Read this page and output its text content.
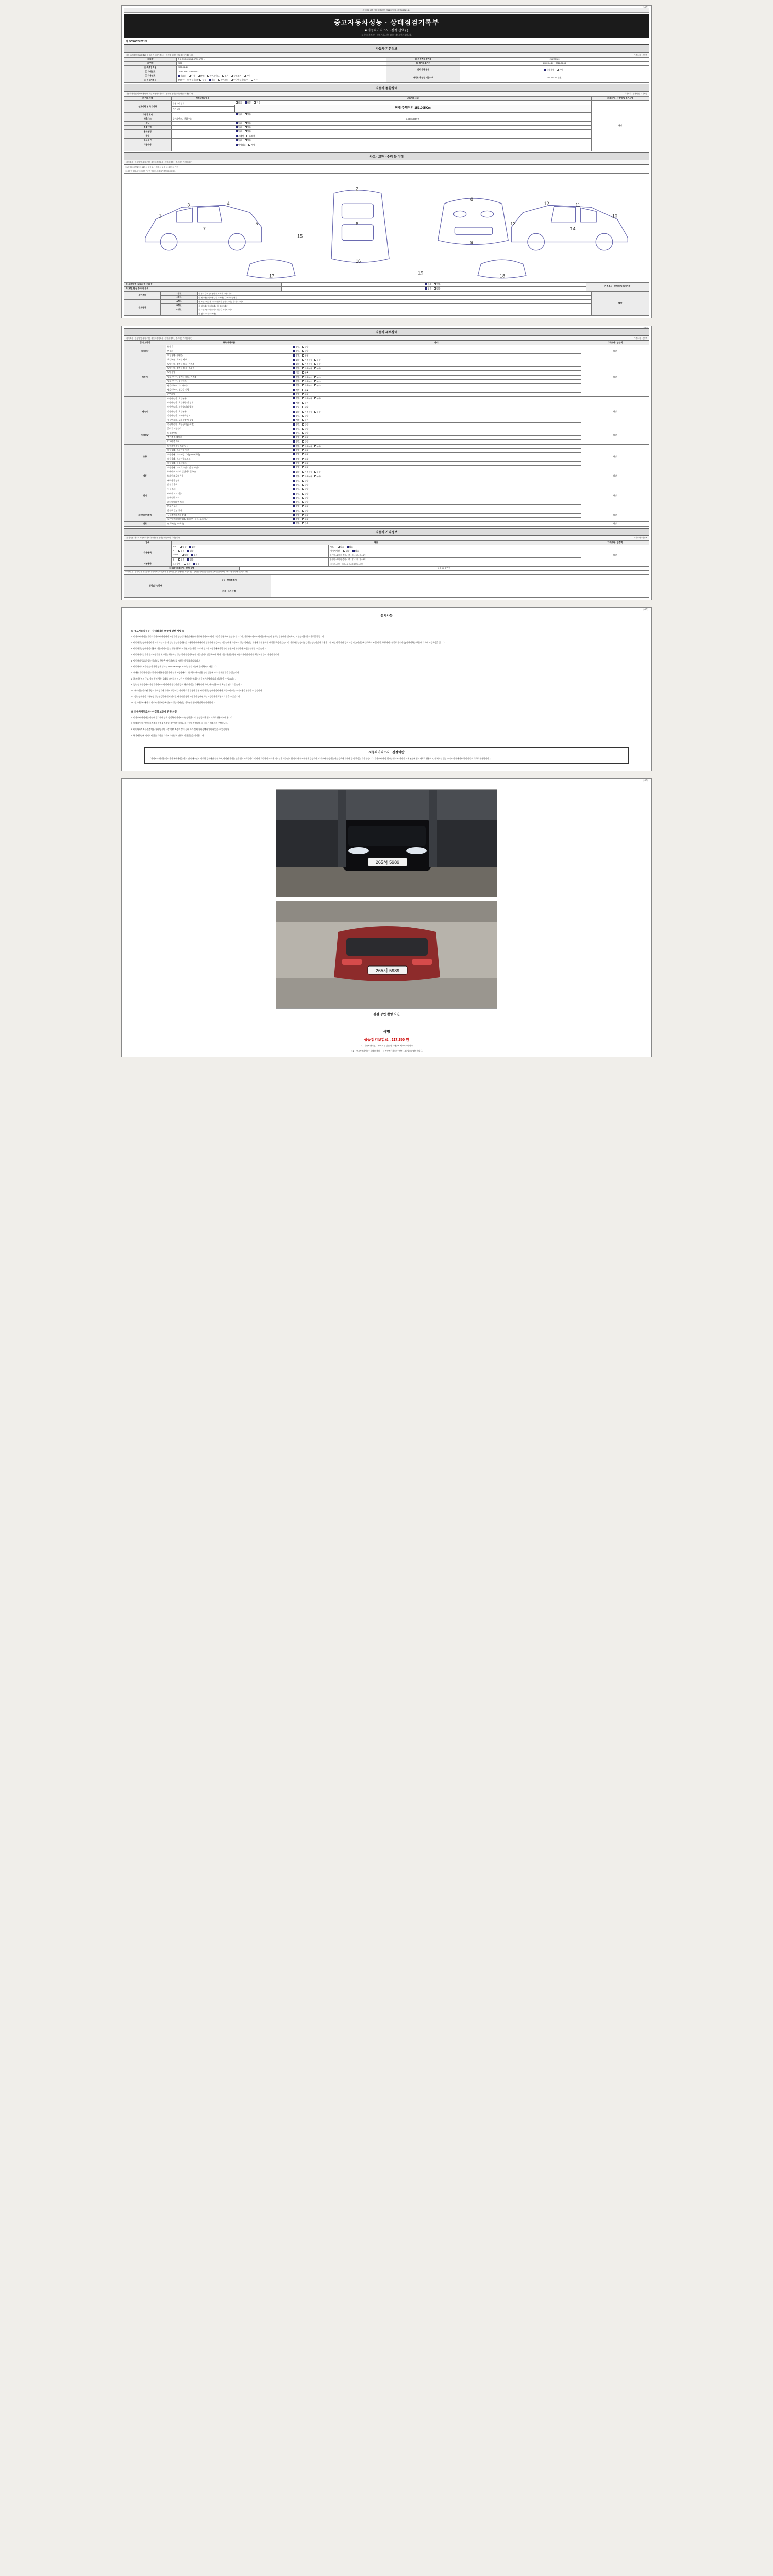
(1/4쪽)
자동차관리법 시행규칙 [별지 제82호서식] <개정 2021.1.5.>
중고자동차성능 · 상태점검기록부
■ 자동차가격조사 · 산정 선택 ( )
※ 자동차가격조사 · 산정은 매수인이 원하는 경우에만 기재합니다.
제 9030024211호
자동차 기본정보
(자동차관리법 제58조제1항에 따른 자동차가격조사 · 산정을 원하는 경우에만 기재합니다)	가격조사 · 산정액
① 차명	볼보 S90XC AWD (세부모델: )	⑩ 자동차등록번호	265머5989
② 연식	2022	⑪ 검사유효기간	2022-04-14 ~ 2026-04-13
③ 최초등록일	2022-04-14	신차가격 종류	신차가격 기타
④ 차대번호	LYVPT90COAP175402		
⑤ 사용연료	가솔린 디젤 LPG 하이브리드 전기 수소전기 기타	가격조사·산정 기준가액	0 0 0 0 0 0 만원
⑥ 원동기형식	B4204T ⑥ 변속기종류 수동 자동 세미오토 무단변속기(CVT) 기타		
자동차 종합상태
(자동차관리법 제58조제1항에 따른 자동차가격조사 · 산정을 원하는 경우에만 기재합니다)	가격조사 · 산정액 및 특기사항
⑦ 사용이력	항목 / 해당부품	상태(세부내용)	가격조사 · 산정액 및 특기사항
연료이력 및 특기사항	주행거리 상태	많음 보통 적음
현재 주행거리 153,005Km	해당
	계기상태		
자동차 표시		없음 있음	
배출가스	일산화탄소 / 탄화수소	0.03% 3ppm %	
튜닝		없음 있음	
특별이력		없음 있음	
용도변경		없음 있음	
색상		무채색 유채색	
주요옵션		없음 있음	
리콜대상		해당없음 해당	

사고 · 교환 · 수리 등 이력
(가격조사 · 산정액 및 특기사항은 자동차가격조사 · 산정을 원하는 경우에만 기재합니다)

※ (상태표시 부호) ㉠ 교환, ㉡ 판금 또는 용접, ㉢ 부식, ㉣ 흠집, ㉤ 가공
※ 차량 상태표시 등에 대한 기준은 아래 그림에 표기하여 표시합니다.
1
3	4
5
7
2
6
16
8
9
10
11
12
13
14
17	18
19
15
※ 사고이력 (교차/단순 수리 등)	없음 있음	가격조사 · 산정액 및 특기사항
※ 교환, 판금 등 이상 부위	없음 있음	
외판부위	1랭크	① 후드 ② 프론트펜더 ③ 도어 ④ 트렁크리드	해당
	2랭크	⑤ 쿼터패널(리어펜더) ⑥ 루프패널 ⑦ 사이드실패널	
주요골격	A랭크	⑧ 프론트패널 ⑨ 크로스멤버 ⑩ 인사이드패널 ⑪ 사이드멤버	
	B랭크	⑫ 필러패널 ⑬ 대쉬패널 ⑭ 플로어패널	
	C랭크	⑮ 트렁크플로어 ⑯ 리어패널 ⑰ 패키지트레이	
		⑱ 휠하우스 ⑲ 루프레일	
(2/4쪽)
자동차 세부상태
(가격조사 · 산정액 및 특기사항은 자동차가격조사 · 산정을 원하는 경우에만 기재합니다)	가격조사 · 산정액
⑧ 주요장치	항목/해당부품	상태	가격조사 · 산정액
자기진단	원동기	양호 불량	해당
	변속기	양호 불량	
	작동상태 (공회전)	양호 불량	
원동기	오일누유 - 로커암 커버	없음 미세누유 누유	해당
	오일누유 - 실린더 헤드 / 가스켓	없음 미세누유 누유	
	오일누유 - 실린더 블록 / 오일팬	없음 미세누유 누유	
	오일유량	적정 부족	
	냉각수누수 - 실린더 헤드 / 가스켓	없음 미세누수 누수	
	냉각수누수 - 워터펌프	없음 미세누수 누수	
	냉각수누수 - 라디에이터	없음 미세누수 누수	
	냉각수누수 - 냉각수 수량	적정 부족	
	커먼레일	양호 불량	
변속기	자동변속기 - 오일누유	없음 미세누유 누유	해당
	자동변속기 - 오일유량 및 상태	적정 부족	
	자동변속기 - 작동상태 (공회전)	양호 불량	
	수동변속기 - 오일누유	없음 미세누유 누유	
	수동변속기 - 기어변속장치	양호 불량	
	수동변속기 - 오일유량 및 상태	적정 부족	
	수동변속기 - 작동상태 (공회전)	양호 불량	
동력전달	클러치 어셈블리	양호 불량	해당
	등속조인트	양호 불량	
	추진축 및 베어링	양호 불량	
	디퍼렌셜 기어	양호 불량	
조향	동력조향 작동 오일 누유	없음 미세누유 누유	해당
	작동상태 - 스티어링 펌프	양호 불량	
	작동상태 - 스티어링 기어(MDPS포함)	양호 불량	
	작동상태 - 스티어링조인트	양호 불량	
	작동상태 - 파워크랭크	양호 불량	
	작동상태 - 타이로드엔드 및 볼 조인트	양호 불량	
제동	브레이크 마스터 실린더오일 누유	없음 미세누유 누유	해당
	브레이크 오일 누유	없음 미세누유 누유	
	배력장치 상태	양호 불량	
전기	발전기 출력	양호 불량	해당
	시동 모터	양호 불량	
	와이퍼 모터 기능	양호 불량	
	실내송풍 모터	양호 불량	
	라디에이터 팬 모터	양호 불량	
	윈도우 모터	양호 불량	
고전원전기장치	충전구 절연 상태	양호 불량	해당
	구동축전지 격리 상태	양호 불량	
	고전원전기배선 상태(접속단자, 피복, 보호기구)	양호 불량	
연료	연료누출(LPG포함)	없음 있음	해당
자동차 기타정보
(⑨ 항목은 최초의 자동차가격조사 · 산정을 원하는 경우에만 기재합니다)	가격조사 · 산정액
항목	내용		가격조사 · 산정액
사용/품목	기어 있음 없음	시트 있음 없음	해당
	키 있음 없음	내비게이션 있음 없음	
	타이어 있음 없음	운전석 □ 1개 / 동승석 □ 2개 / 후 □ 3개 / 후 □ 4개	
	휠 있음 없음	운전석 □ 1개 / 동승석 □ 2개 / 후 □ 3개 / 후 □ 4개	
기본품목	보유상태 있음 없음	에어컨 □ 있음 / 히터 □ 있음 / 파워핸들 □ 있음	
⑩ 최종 가격조사 · 산정 금액	0 0 0 0 0 만원
※ 가격조사 · 산정기준 및 성능평가 추정가격(자동차성능상태 점검자의 보증기간)에 따른 자동차성능 · 상태점검자의 보증기간(이전등록일로부터 30일 이상, 주행거리 2천킬로미터 이상)
점검(검사)일자	성능 · 상태점검자	
	가격 · 조사산정	
(4/4쪽)
유의사항
※ 중고자동차성능 · 상태점검의 보증에 관한 사항 등

1. 가격조사·산정은 자동차가격조사·산정자가 자동차의 성능·상태점검 내용과 자동차가격조사·산정 기준을 종합하여 산정합니다. 다만, 자동차가격조사·산정은 매수인이 원하는 경우에만 실시하며, 그 산정액은 참고 자료일 뿐입니다.

2. 자동차성능상태점검자가 거짓 또는 오류가 있는 성능점검내용을 사용하여 매매계약이 성립되면 점검자는 매수인에게 자동차의 성능·상태점검 내용에 대한 손해를 배상할 책임이 있습니다. 자동차성능상태점검자는 성능점검한 내용과 다른 사실이 발견된 경우 보증기간(이전등록일로부터 30일 이상, 주행거리 2천킬로미터 이상)에 해당하는 부분에 대하여 보증책임을 집니다.

3. 자동차성능상태점검 내용에 대한 이의가 있는 경우 한국소비자원 또는 관할 시·도에 설치된 자동차매매사업 관련 분쟁조정위원회에 조정을 신청할 수 있습니다.

4. 자동차매매업자가 중고자동차를 매도하는 경우에는 성능·상태점검기록부를 매수인에게 발급하여야 하며, 이를 위반한 경우 자동차관리법에 따른 행정처분 등의 대상이 됩니다.

5. 자동차의 종류별 성능·상태점검 항목은 자동차관리법 시행규칙 별표에 따릅니다.

6. 자동차가격조사·산정에 관한 상세 정보는 www.car365.go.kr 또는 관할 기관에 문의하시기 바랍니다.

7. 매매용 자동차의 성능·상태에 대한 점검결과와 실제 차량상태가 다른 경우 매수인은 관련 법령에 따라 구제를 받을 수 있습니다.

8. 중고자동차의 구조·장치 등의 성능·상태를 고지하지 아니한 자동차매매업자는 자동차관리법에 따라 처벌받을 수 있습니다.

9. 성능·상태점검자가 자동차가격조사·산정자와 동일인인 경우 해당 사실을 기재하여야 하며, 매수인은 이를 확인할 권리가 있습니다.

10. 매수인은 인도된 차량의 주요장치에 대하여 보증기간 내에 하자가 발생한 경우 자동차성능상태점검자에게 보증수리 또는 수리비용을 청구할 수 있습니다.

11. 성능·상태점검 기록부상 성능점검일과 실제 인도일 사이에 발생한 자동차의 상태변화는 보증범위에 포함되지 않을 수 있습니다.

12. 중고자동차 매매 시 반드시 자동차등록원부와 성능·상태점검기록부를 함께 확인하시기 바랍니다.

※ 자동차가격조사 · 산정의 보증에 관한 사항

1. 가격조사·산정자는 사실에 입각하여 정확 성실하게 가격조사·산정하였으며, 산정금액은 참고자료로 활용되어야 합니다.

2. 매매업자·매수인이 가격조사·산정을 의뢰한 경우에만 가격조사·산정이 진행되며, 그 비용은 의뢰자가 부담합니다.

3. 자동차가격조사·산정액은 거래 당시의 시장 상황, 차량의 상태 등에 따라 실제 거래금액과 차이가 있을 수 있습니다.

4. 특기사항란에 기재되지 않은 사항은 가격조사·산정에 반영되지 않았음을 의미합니다.

자동차가격조사 · 산정이란
「가격조사·산정은 실시자가 매매계약을 맺기 전에 매수인이 의뢰한 경우에만 실시하며, 산정된 가격은 단순 참고자료입니다. 따라서 자동차의 가격은 매도인과 매수인의 합의에 따라 자유롭게 결정되며, 가격조사·산정자는 산정금액에 대하여 법적 책임을 지지 않습니다. 가격조사·산정 결과는 중고차 가격의 시세 판단에 참고자료로 활용되며, 구체적인 결정 소비자의 구매여부 결정에 중요자료로 활용됩니다.」
(4/4쪽)
265서 5989
265서 5989
점검 장면 촬영 사진
서명
성능점검보험료 : 217,250 원
「 」자동차관리법」 제58조 및 같은 법 시행규칙 제100조에 따라
「 1 」중고자동차성능 · 상태를 점검, 「 」자동차가격조사 · 산정 1 )하였음을 확인합니다.
